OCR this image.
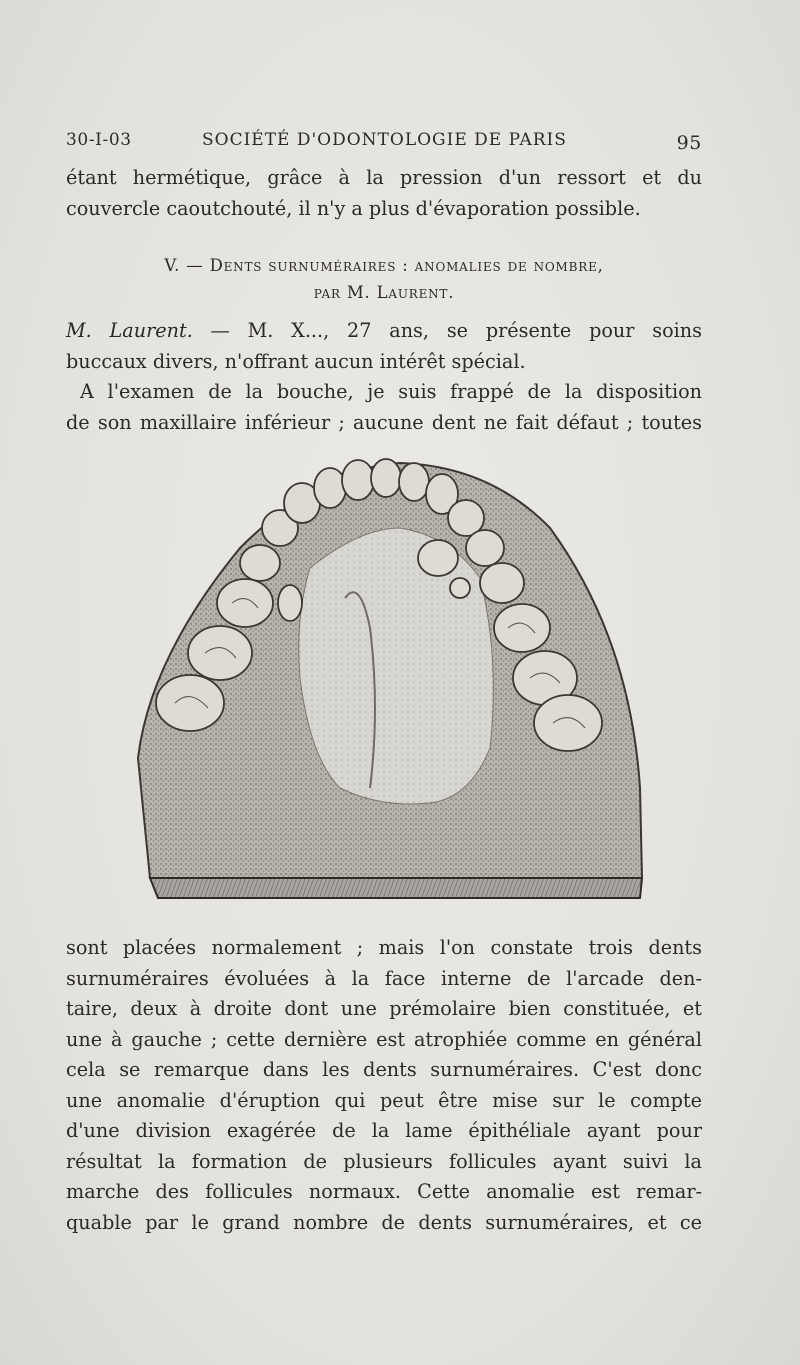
30-I-03	SOCIÉTÉ D'ODONTOLOGIE DE PARIS	95

étant hermétique, grâce à la pression d'un ressort et du
couvercle caoutchouté, il n'y a plus d'évaporation possible.

V. — Dents surnuméraires : anomalies de nombre,
par M. Laurent.

M. Laurent. — M. X..., 27 ans, se présente pour soins
buccaux divers, n'offrant aucun intérêt spécial.
A l'examen de la bouche, je suis frappé de la disposition
de son maxillaire inférieur ; aucune dent ne fait défaut ; toutes

sont placées normalement ; mais l'on constate trois dents
surnuméraires évoluées à la face interne de l'arcade den-
taire, deux à droite dont une prémolaire bien constituée, et
une à gauche ; cette dernière est atrophiée comme en général
cela se remarque dans les dents surnuméraires. C'est donc
une anomalie d'éruption qui peut être mise sur le compte
d'une division exagérée de la lame épithéliale ayant pour
résultat la formation de plusieurs follicules ayant suivi la
marche des follicules normaux. Cette anomalie est remar-
quable par le grand nombre de dents surnuméraires, et ce
